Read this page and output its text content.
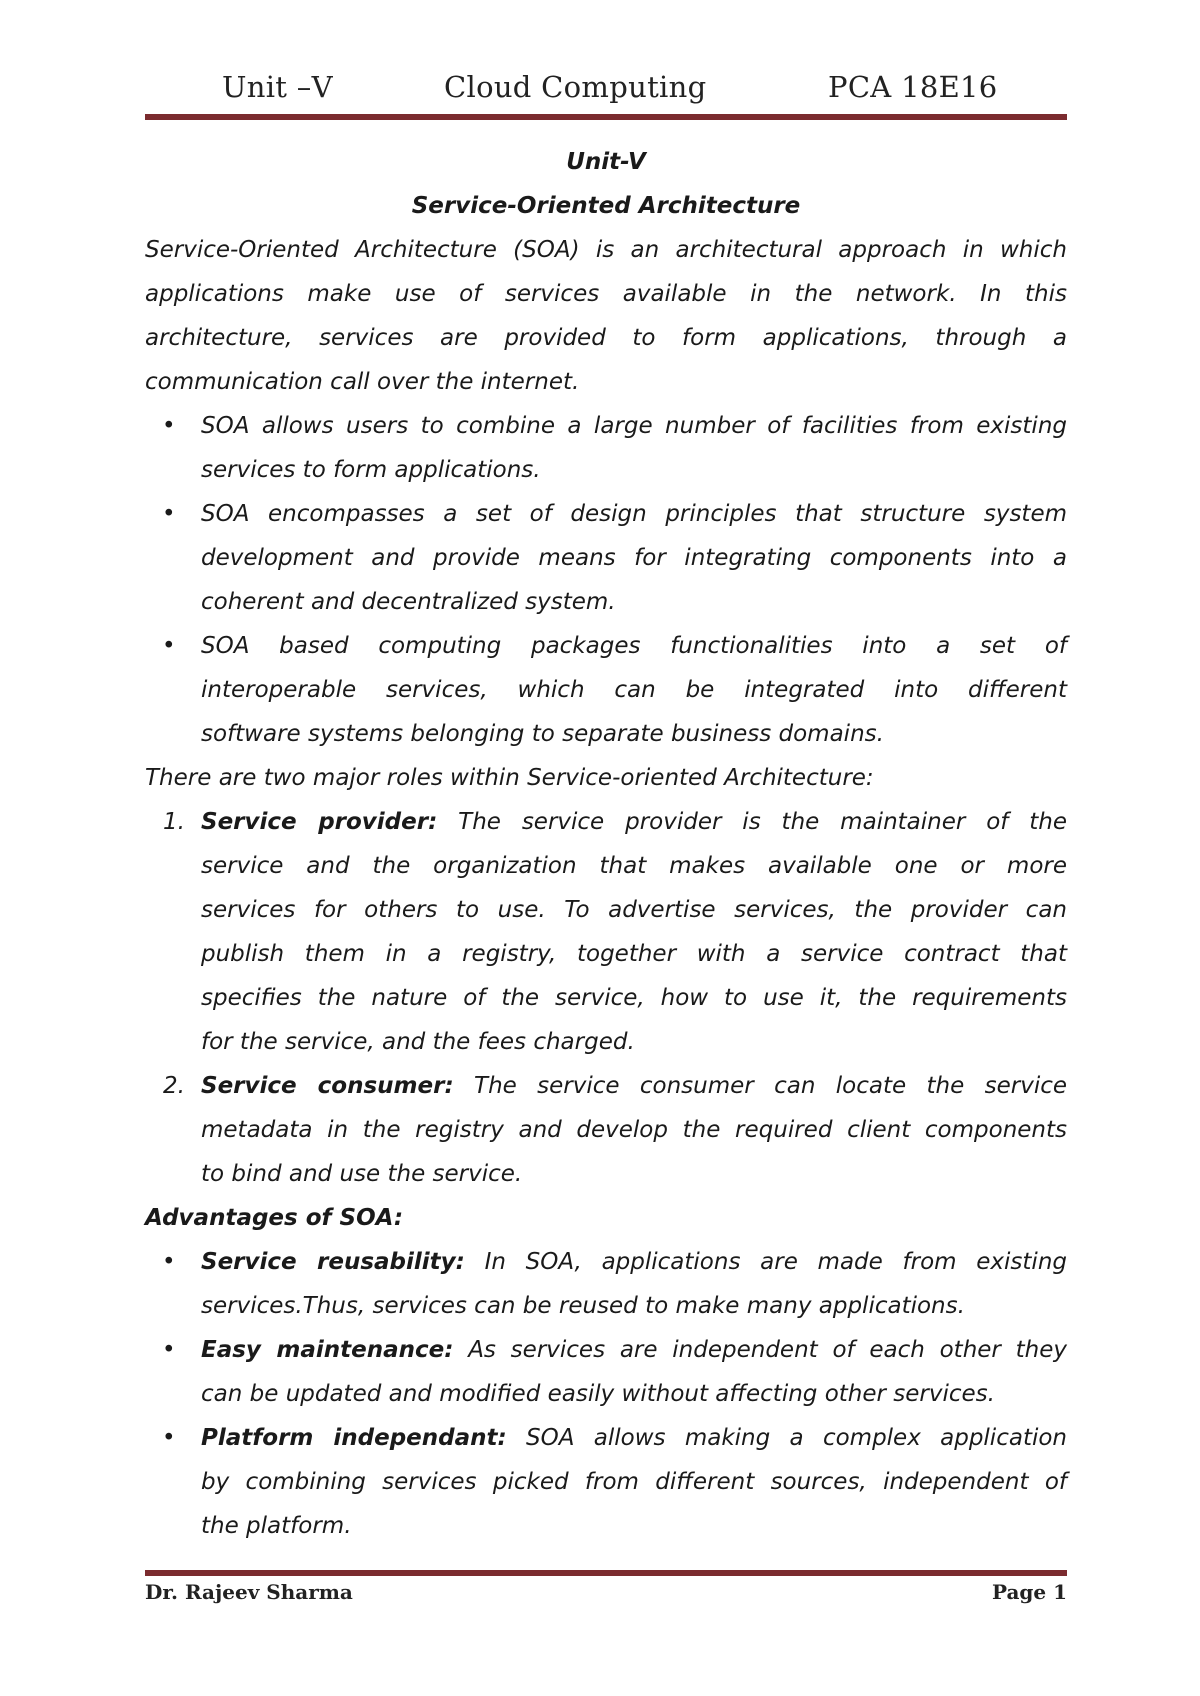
Unit –V	Cloud Computing	PCA 18E16
Unit-V
Service-Oriented Architecture
Service-Oriented Architecture (SOA) is an architectural approach in which
applications make use of services available in the network. In this
architecture, services are provided to form applications, through a
communication call over the internet.
• SOA allows users to combine a large number of facilities from existing
services to form applications.
• SOA encompasses a set of design principles that structure system
development and provide means for integrating components into a
coherent and decentralized system.
• SOA based computing packages functionalities into a set of
interoperable services, which can be integrated into different
software systems belonging to separate business domains.
There are two major roles within Service-oriented Architecture:
1. Service provider: The service provider is the maintainer of the
service and the organization that makes available one or more
services for others to use. To advertise services, the provider can
publish them in a registry, together with a service contract that
specifies the nature of the service, how to use it, the requirements
for the service, and the fees charged.
2. Service consumer: The service consumer can locate the service
metadata in the registry and develop the required client components
to bind and use the service.
Advantages of SOA:
• Service reusability: In SOA, applications are made from existing
services.Thus, services can be reused to make many applications.
• Easy maintenance: As services are independent of each other they
can be updated and modified easily without affecting other services.
• Platform independant: SOA allows making a complex application
by combining services picked from different sources, independent of
the platform.
Dr. Rajeev Sharma	Page 1
